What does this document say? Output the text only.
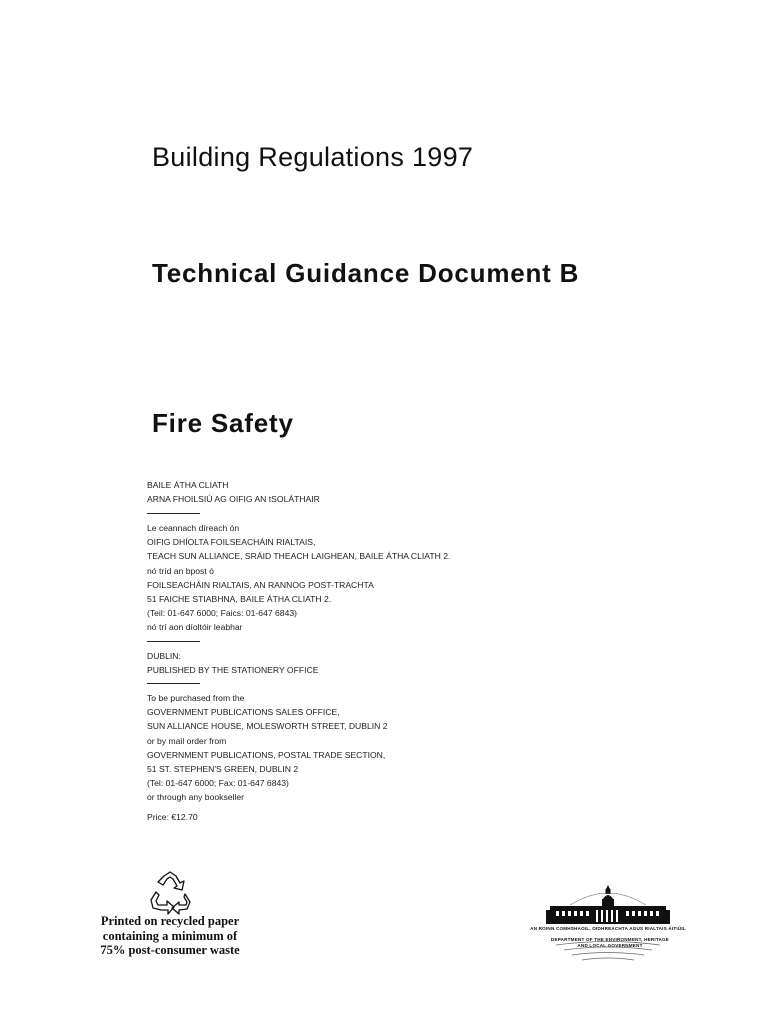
Building Regulations 1997
Technical Guidance Document B
Fire Safety
BAILE ÁTHA CLIATH
ARNA FHOILSIÚ AG OIFIG AN tSOLÁTHAIR
Le ceannach díreach ón
OIFIG DHÍOLTA FOILSEACHÁIN RIALTAIS,
TEACH SUN ALLIANCE, SRÁID THEACH LAIGHEAN, BAILE ÁTHA CLIATH 2.
nó tríd an bpost ó
FOILSEACHÁIN RIALTAIS, AN RANNOG POST-TRACHTA
51 FAICHE STIABHNA, BAILE ÁTHA CLIATH 2.
(Teil: 01-647 6000; Faics: 01-647 6843)
nó trí aon díoltóir leabhar
DUBLIN:
PUBLISHED BY THE STATIONERY OFFICE
To be purchased from the
GOVERNMENT PUBLICATIONS SALES OFFICE,
SUN ALLIANCE HOUSE, MOLESWORTH STREET, DUBLIN 2
or by mail order from
GOVERNMENT PUBLICATIONS, POSTAL TRADE SECTION,
51 ST. STEPHEN'S GREEN, DUBLIN 2
(Tel: 01-647 6000; Fax: 01-647 6843)
or through any bookseller
Price: €12.70
Printed on recycled paper
containing a minimum of
75% post-consumer waste
AN ROINN COMHSHAOIL, OIDHREACHTA AGUS RIALTAIS ÁITIÚIL
DEPARTMENT OF THE ENVIRONMENT, HERITAGE
AND LOCAL GOVERNMENT
